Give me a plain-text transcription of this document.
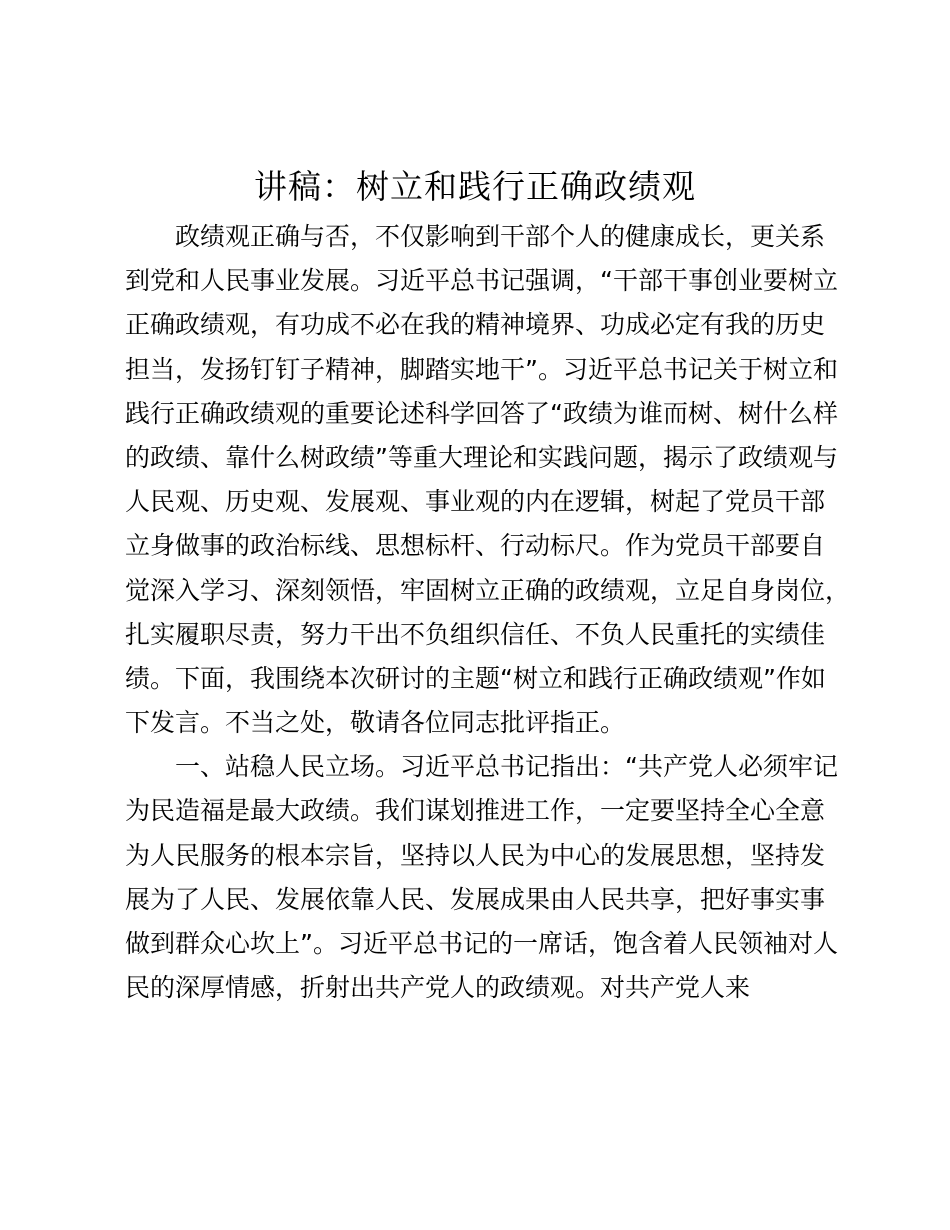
讲稿：树立和践行正确政绩观

政绩观正确与否，不仅影响到干部个人的健康成长，更关系

到党和人民事业发展。习近平总书记强调，“干部干事创业要树立

正确政绩观，有功成不必在我的精神境界、功成必定有我的历史

担当，发扬钉钉子精神，脚踏实地干”。习近平总书记关于树立和

践行正确政绩观的重要论述科学回答了“政绩为谁而树、树什么样

的政绩、靠什么树政绩”等重大理论和实践问题，揭示了政绩观与

人民观、历史观、发展观、事业观的内在逻辑，树起了党员干部

立身做事的政治标线、思想标杆、行动标尺。作为党员干部要自

觉深入学习、深刻领悟，牢固树立正确的政绩观，立足自身岗位，

扎实履职尽责，努力干出不负组织信任、不负人民重托的实绩佳

绩。下面，我围绕本次研讨的主题“树立和践行正确政绩观”作如

下发言。不当之处，敬请各位同志批评指正。

一、站稳人民立场。习近平总书记指出：“共产党人必须牢记

为民造福是最大政绩。我们谋划推进工作，一定要坚持全心全意

为人民服务的根本宗旨，坚持以人民为中心的发展思想，坚持发

展为了人民、发展依靠人民、发展成果由人民共享，把好事实事

做到群众心坎上”。习近平总书记的一席话，饱含着人民领袖对人

民的深厚情感，折射出共产党人的政绩观。对共产党人来
